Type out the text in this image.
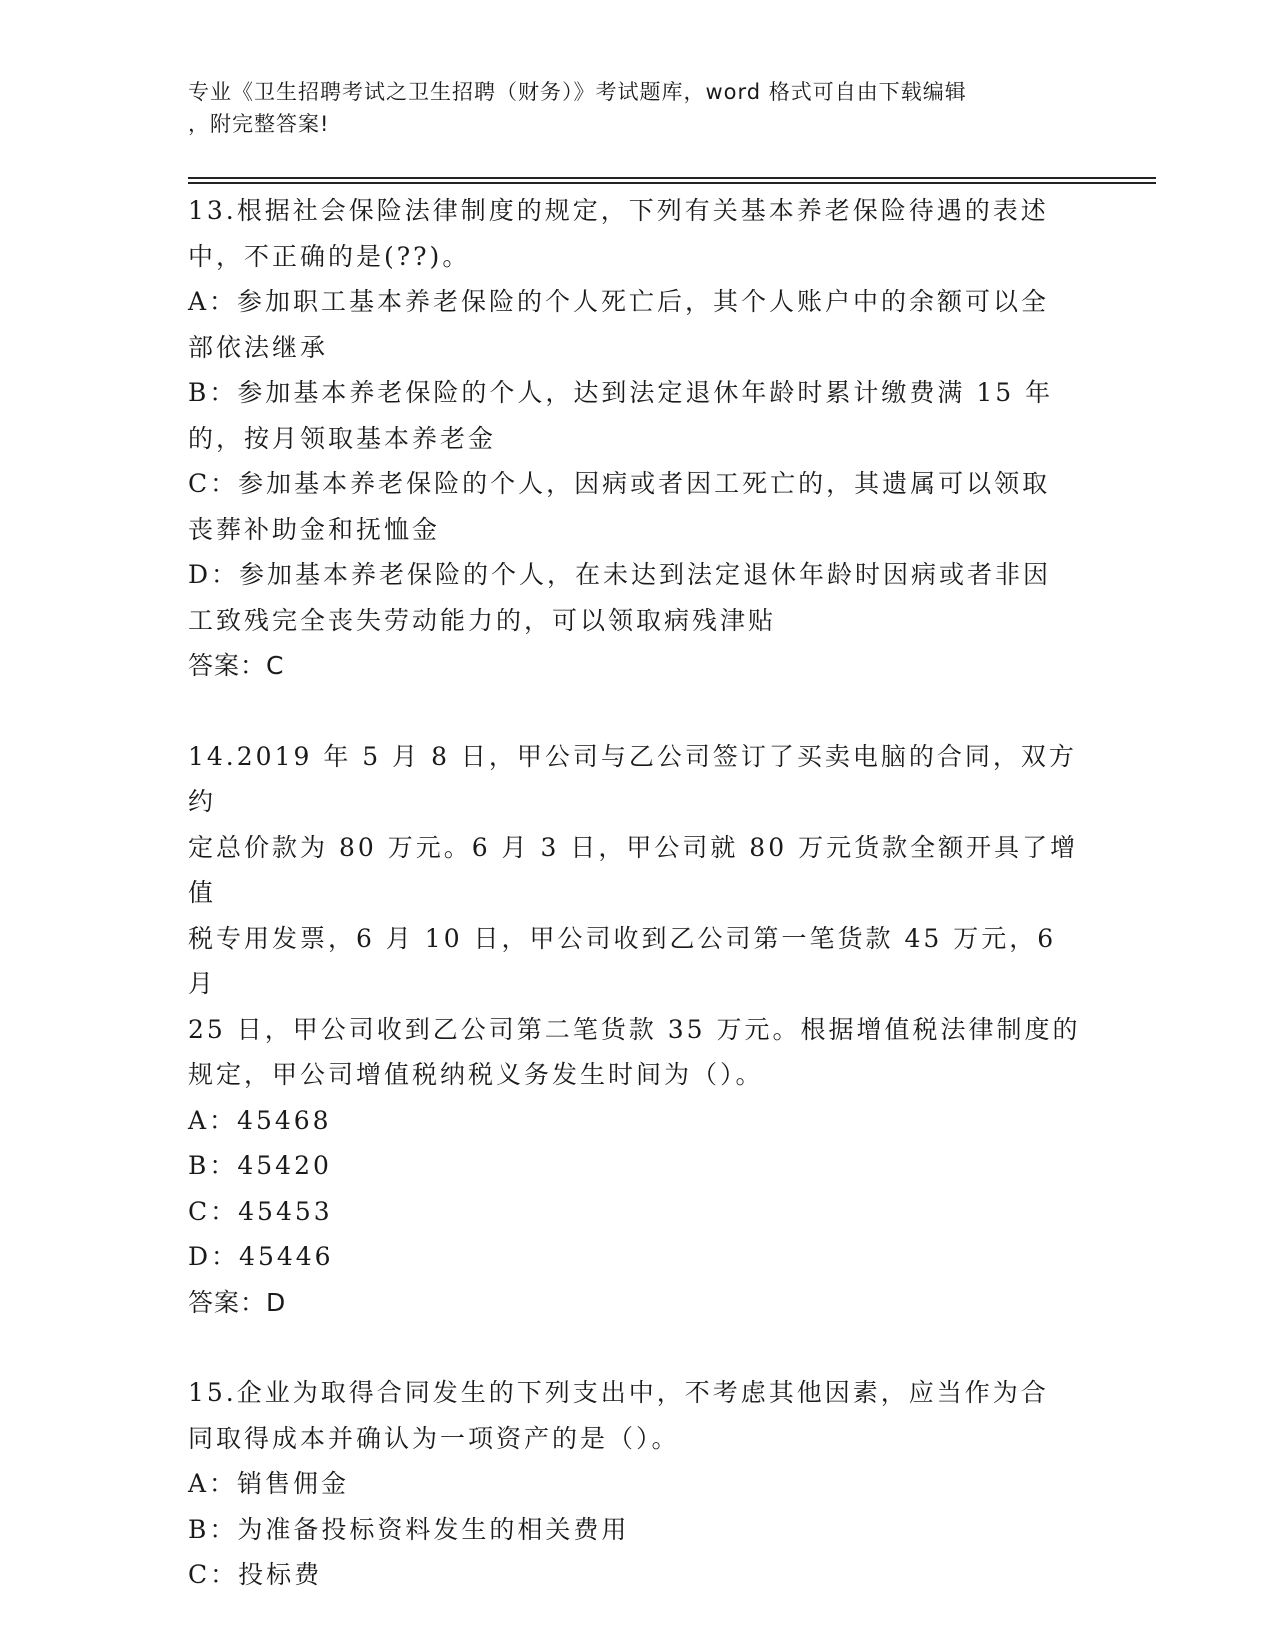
专业《卫生招聘考试之卫生招聘（财务）》考试题库，word 格式可自由下载编辑
，附完整答案!

13.根据社会保险法律制度的规定，下列有关基本养老保险待遇的表述

中，不正确的是(??)。

A：参加职工基本养老保险的个人死亡后，其个人账户中的余额可以全

部依法继承

B：参加基本养老保险的个人，达到法定退休年龄时累计缴费满 15 年

的，按月领取基本养老金

C：参加基本养老保险的个人，因病或者因工死亡的，其遗属可以领取

丧葬补助金和抚恤金

D：参加基本养老保险的个人，在未达到法定退休年龄时因病或者非因

工致残完全丧失劳动能力的，可以领取病残津贴

答案：C

14.2019 年 5 月 8 日，甲公司与乙公司签订了买卖电脑的合同，双方约

定总价款为 80 万元。6 月 3 日，甲公司就 80 万元货款全额开具了增值

税专用发票，6 月 10 日，甲公司收到乙公司第一笔货款 45 万元，6 月

25 日，甲公司收到乙公司第二笔货款 35 万元。根据增值税法律制度的

规定，甲公司增值税纳税义务发生时间为（）。

A：45468

B：45420

C：45453

D：45446

答案：D

15.企业为取得合同发生的下列支出中，不考虑其他因素，应当作为合

同取得成本并确认为一项资产的是（）。

A：销售佣金

B：为准备投标资料发生的相关费用

C：投标费
